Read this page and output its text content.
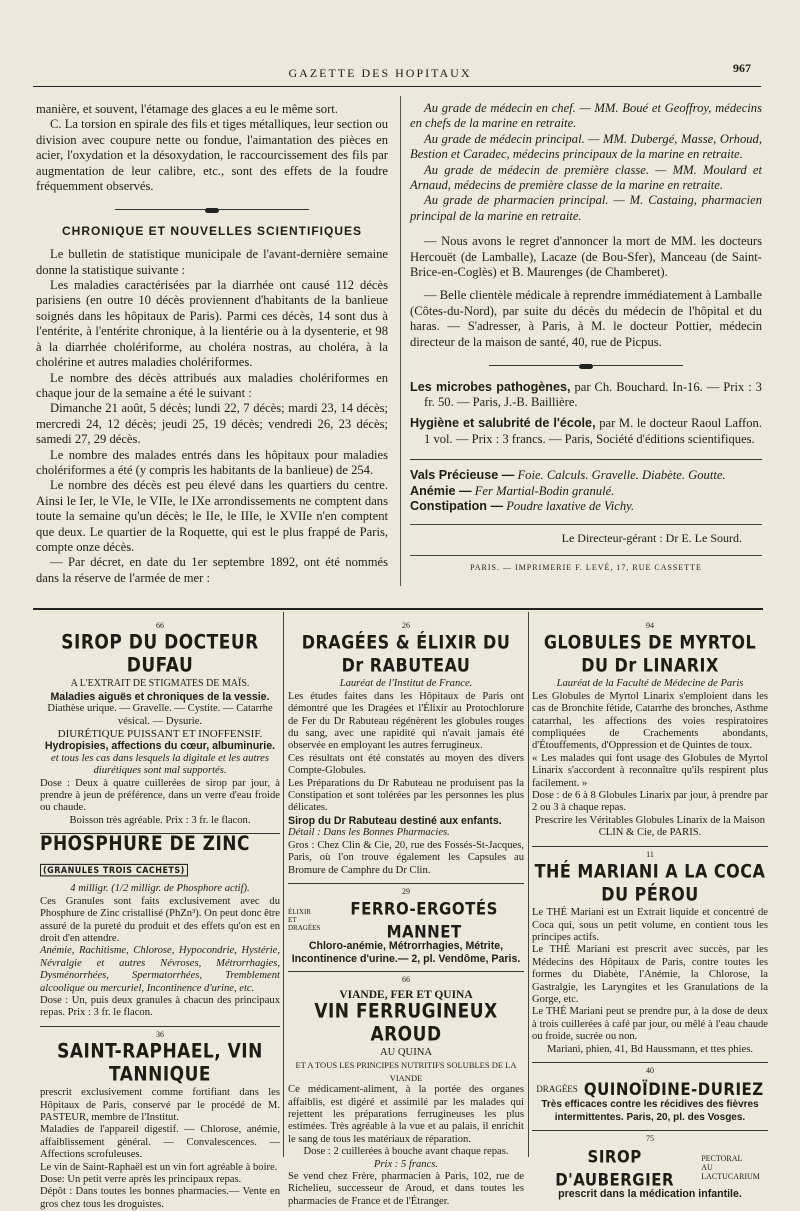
GAZETTE DES HOPITAUX	967

manière, et souvent, l'étamage des glaces a eu le même sort.

C. La torsion en spirale des fils et tiges métalliques, leur section ou division avec coupure nette ou fondue, l'aimantation des pièces en acier, l'oxydation et la désoxydation, le raccourcissement des fils par augmentation de leur calibre, etc., sont des effets de la foudre fréquemment observés.

CHRONIQUE ET NOUVELLES SCIENTIFIQUES

Le bulletin de statistique municipale de l'avant-dernière semaine donne la statistique suivante :

Les maladies caractérisées par la diarrhée ont causé 112 décès parisiens (en outre 10 décès proviennent d'habitants de la banlieue soignés dans les hôpitaux de Paris). Parmi ces décès, 14 sont dus à l'entérite, à l'entérite chronique, à la lientérie ou à la dysenterie, et 98 à la diarrhée cholériforme, au choléra nostras, au choléra, à la cholérine et autres maladies cholériformes.

Le nombre des décès attribués aux maladies cholériformes en chaque jour de la semaine a été le suivant :

Dimanche 21 août, 5 décès; lundi 22, 7 décès; mardi 23, 14 décès; mercredi 24, 12 décès; jeudi 25, 19 décès; vendredi 26, 23 décès; samedi 27, 29 décès.

Le nombre des malades entrés dans les hôpitaux pour maladies cholériformes a été (y compris les habitants de la banlieue) de 254.

Le nombre des décès est peu élevé dans les quartiers du centre. Ainsi le Ier, le VIe, le VIIe, le IXe arrondissements ne comptent dans toute la semaine qu'un décès; le IIe, le IIIe, le XVIIe n'en comptent que deux. Le quartier de la Roquette, qui est le plus frappé de Paris, compte onze décès.

— Par décret, en date du 1er septembre 1892, ont été nommés dans la réserve de l'armée de mer :

Au grade de médecin en chef. — MM. Boué et Geoffroy, médecins en chefs de la marine en retraite.

Au grade de médecin principal. — MM. Dubergé, Masse, Orhoud, Bestion et Caradec, médecins principaux de la marine en retraite.

Au grade de médecin de première classe. — MM. Moulard et Arnaud, médecins de première classe de la marine en retraite.

Au grade de pharmacien principal. — M. Castaing, pharmacien principal de la marine en retraite.

— Nous avons le regret d'annoncer la mort de MM. les docteurs Hercouët (de Lamballe), Lacaze (de Bou-Sfer), Manceau (de Saint-Brice-en-Coglès) et B. Maurenges (de Chamberet).

— Belle clientèle médicale à reprendre immédiatement à Lamballe (Côtes-du-Nord), par suite du décès du médecin de l'hôpital et du haras. — S'adresser, à Paris, à M. le docteur Pottier, médecin directeur de la maison de santé, 40, rue de Picpus.

Les microbes pathogènes, par Ch. Bouchard. In-16. — Prix : 3 fr. 50. — Paris, J.-B. Baillière.

Hygiène et salubrité de l'école, par M. le docteur Raoul Laffon. 1 vol. — Prix : 3 francs. — Paris, Société d'éditions scientifiques.

Vals Précieuse — Foie. Calculs. Gravelle. Diabète. Goutte.

Anémie — Fer Martial-Bodin granulé.

Constipation — Poudre laxative de Vichy.

Le Directeur-gérant : Dr E. Le Sourd.
PARIS. — IMPRIMERIE F. LEVÉ, 17, RUE CASSETTE
66
SIROP DU DOCTEUR DUFAU

A L'EXTRAIT DE STIGMATES DE MAÏS.

Maladies aiguës et chroniques de la vessie.

Diathèse urique. — Gravelle. — Cystite. — Catarrhe vésical. — Dysurie.

DIURÉTIQUE PUISSANT ET INOFFENSIF.

Hydropisies, affections du cœur, albuminurie.

et tous les cas dans lesquels la digitale et les autres diurétiques sont mal supportés.

Dose : Deux à quatre cuillerées de sirop par jour, à prendre à jeun de préférence, dans un verre d'eau froide ou chaude.

Boisson très agréable. Prix : 3 fr. le flacon.

PHOSPHURE DE ZINC (GRANULES TROIS CACHETS)

4 milligr. (1/2 milligr. de Phosphore actif).

Ces Granules sont faits exclusivement avec du Phosphure de Zinc cristallisé (PhZn³). On peut donc être assuré de la pureté du produit et des effets qu'on est en droit d'en attendre.

Anémie, Rachitisme, Chlorose, Hypocondrie, Hystérie, Névralgie et autres Névroses, Métrorrhagies, Dysménorrhées, Spermatorrhées, Tremblement alcoolique ou mercuriel, Incontinence d'urine, etc.

Dose : Un, puis deux granules à chacun des principaux repas. Prix : 3 fr. le flacon.

36
SAINT-RAPHAEL, VIN TANNIQUE

prescrit exclusivement comme fortifiant dans les Hôpitaux de Paris, conservé par le procédé de M. PASTEUR, membre de l'Institut.

Maladies de l'appareil digestif. — Chlorose, anémie, affaiblissement général. — Convalescences. — Affections scrofuleuses.

Le vin de Saint-Raphaël est un vin fort agréable à boire.

Dose: Un petit verre après les principaux repas.

Dépôt : Dans toutes les bonnes pharmacies.— Vente en gros chez tous les droguistes.

26
DRAGÉES & ÉLIXIR DU Dr RABUTEAU

Lauréat de l'Institut de France.

Les études faites dans les Hôpitaux de Paris ont démontré que les Dragées et l'Élixir au Protochlorure de Fer du Dr Rabuteau régénèrent les globules rouges du sang, avec une rapidité qui n'avait jamais été observée en employant les autres ferrugineux.

Ces résultats ont été constatés au moyen des divers Compte-Globules.

Les Préparations du Dr Rabuteau ne produisent pas la Constipation et sont tolérées par les personnes les plus délicates.

Sirop du Dr Rabuteau destiné aux enfants.

Détail : Dans les Bonnes Pharmacies.

Gros : Chez Clin & Cie, 20, rue des Fossés-St-Jacques, Paris, où l'on trouve également les Capsules au Bromure de Camphre du Dr Clin.

29
ÉLIXIR ET DRAGÉES
FERRO-ERGOTÉS MANNET

Chloro-anémie, Métrorrhagies, Métrite, Incontinence d'urine.— 2, pl. Vendôme, Paris.

66

VIANDE, FER ET QUINA

VIN FERRUGINEUX AROUD

AU QUINA

ET A TOUS LES PRINCIPES NUTRITIFS SOLUBLES DE LA VIANDE

Ce médicament-aliment, à la portée des organes affaiblis, est digéré et assimilé par les malades qui rejettent les préparations ferrugineuses les plus estimées. Très agréable à la vue et au palais, il enrichit le sang de tous les matériaux de réparation.

Dose : 2 cuillerées à bouche avant chaque repas.

Prix : 5 francs.

Se vend chez Frère, pharmacien à Paris, 102, rue de Richelieu, successeur de Aroud, et dans toutes les pharmacies de France et de l'Étranger.

94
GLOBULES DE MYRTOL DU Dr LINARIX

Lauréat de la Faculté de Médecine de Paris

Les Globules de Myrtol Linarix s'emploient dans les cas de Bronchite fétide, Catarrhe des bronches, Asthme catarrhal, les affections des voies respiratoires compliquées de Crachements abondants, d'Étouffements, d'Oppression et de Quintes de toux.

« Les malades qui font usage des Globules de Myrtol Linarix s'accordent à reconnaître qu'ils respirent plus facilement. »

Dose : de 6 à 8 Globules Linarix par jour, à prendre par 2 ou 3 à chaque repas.

Prescrire les Véritables Globules Linarix de la Maison CLIN & Cie, de PARIS.

11
THÉ MARIANI A LA COCA DU PÉROU

Le THÉ Mariani est un Extrait liquide et concentré de Coca qui, sous un petit volume, en contient tous les principes actifs.

Le THÉ Mariani est prescrit avec succès, par les Médecins des Hôpitaux de Paris, contre toutes les formes du Diabète, l'Anémie, la Chlorose, la Gastralgie, les Laryngites et les Granulations de la Gorge, etc.

Le THÉ Mariani peut se prendre pur, à la dose de deux à trois cuillerées à café par jour, ou mêlé à l'eau chaude ou froide, sucrée ou non.

Mariani, phien, 41, Bd Haussmann, et ttes phies.

40
DRAGÉES QUINOÏDINE-DURIEZ

Très efficaces contre les récidives des fièvres intermittentes. Paris, 20, pl. des Vosges.

75
SIROP D'AUBERGIER
PECTORAL
AU LACTUCARIUM

prescrit dans la médication infantile.
